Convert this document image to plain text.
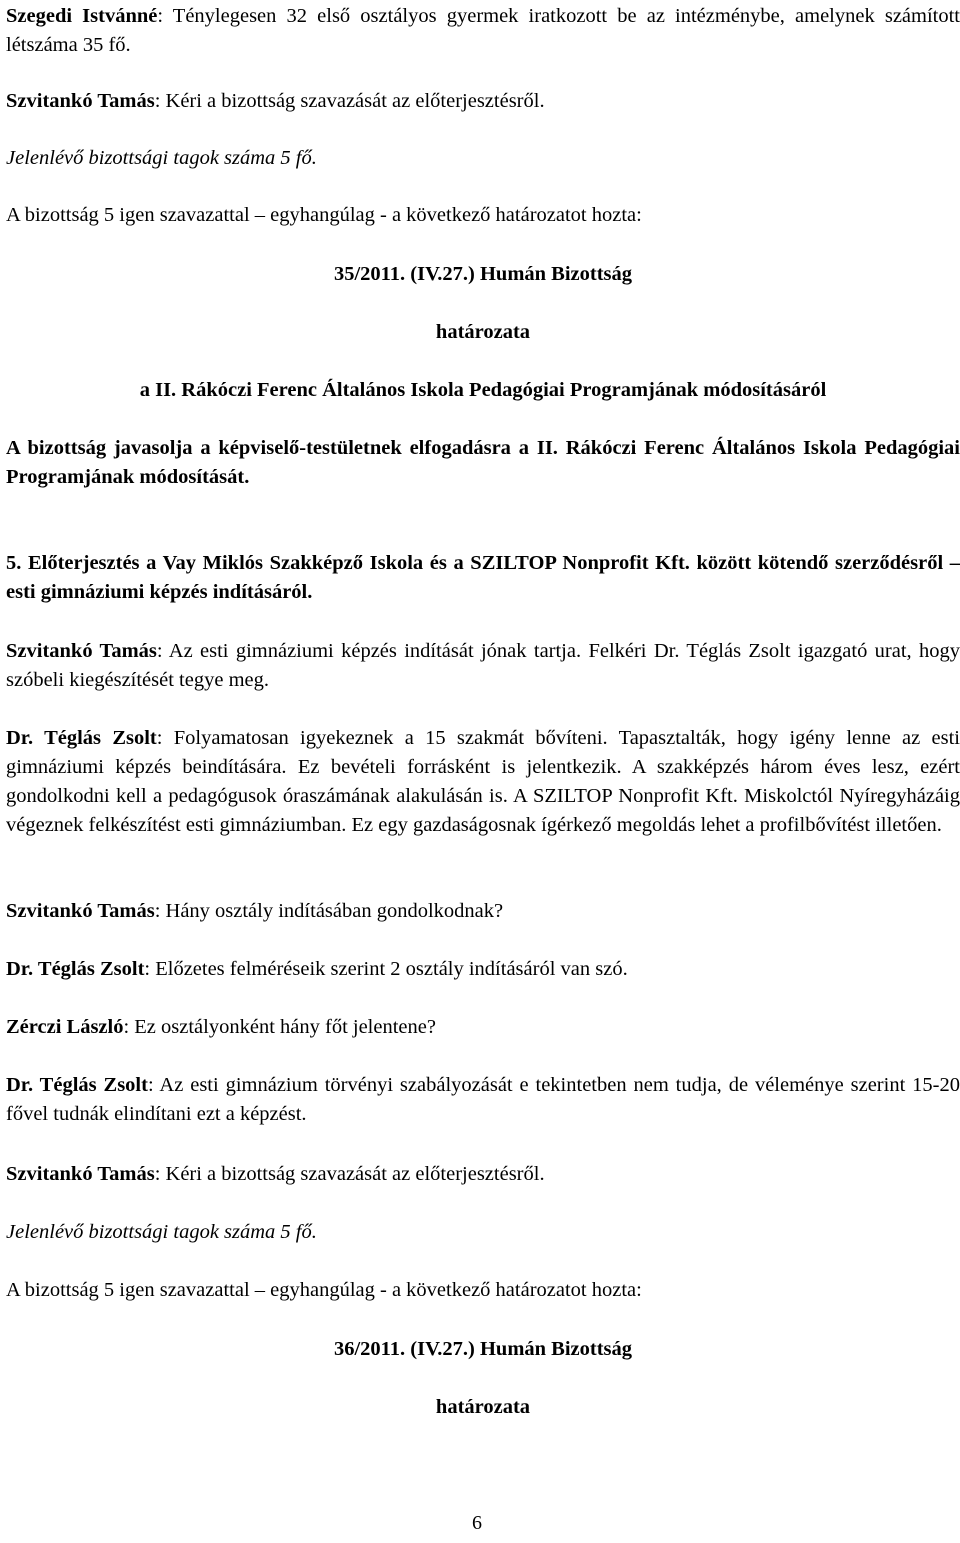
Szegedi Istvánné: Ténylegesen 32 első osztályos gyermek iratkozott be az intézménybe, amelynek számított létszáma 35 fő.

Szvitankó Tamás: Kéri a bizottság szavazását az előterjesztésről.

Jelenlévő bizottsági tagok száma 5 fő.

A bizottság 5 igen szavazattal – egyhangúlag - a következő határozatot hozta:

35/2011. (IV.27.) Humán Bizottság

határozata

a II. Rákóczi Ferenc Általános Iskola Pedagógiai Programjának módosításáról

A bizottság javasolja a képviselő-testületnek elfogadásra a II. Rákóczi Ferenc Általános Iskola Pedagógiai Programjának módosítását.

5. Előterjesztés a Vay Miklós Szakképző Iskola és a SZILTOP Nonprofit Kft. között kötendő szerződésről – esti gimnáziumi képzés indításáról.

Szvitankó Tamás: Az esti gimnáziumi képzés indítását jónak tartja. Felkéri Dr. Téglás Zsolt igazgató urat, hogy szóbeli kiegészítését tegye meg.

Dr. Téglás Zsolt: Folyamatosan igyekeznek a 15 szakmát bővíteni. Tapasztalták, hogy igény lenne az esti gimnáziumi képzés beindítására. Ez bevételi forrásként is jelentkezik. A szakképzés három éves lesz, ezért gondolkodni kell a pedagógusok óraszámának alakulásán is. A SZILTOP Nonprofit Kft. Miskolctól Nyíregyházáig végeznek felkészítést esti gimnáziumban. Ez egy gazdaságosnak ígérkező megoldás lehet a profilbővítést illetően.

Szvitankó Tamás: Hány osztály indításában gondolkodnak?

Dr. Téglás Zsolt: Előzetes felméréseik szerint 2 osztály indításáról van szó.

Zérczi László: Ez osztályonként hány főt jelentene?

Dr. Téglás Zsolt: Az esti gimnázium törvényi szabályozását e tekintetben nem tudja, de véleménye szerint 15-20 fővel tudnák elindítani ezt a képzést.

Szvitankó Tamás: Kéri a bizottság szavazását az előterjesztésről.

Jelenlévő bizottsági tagok száma 5 fő.

A bizottság 5 igen szavazattal – egyhangúlag - a következő határozatot hozta:

36/2011. (IV.27.) Humán Bizottság

határozata

6
